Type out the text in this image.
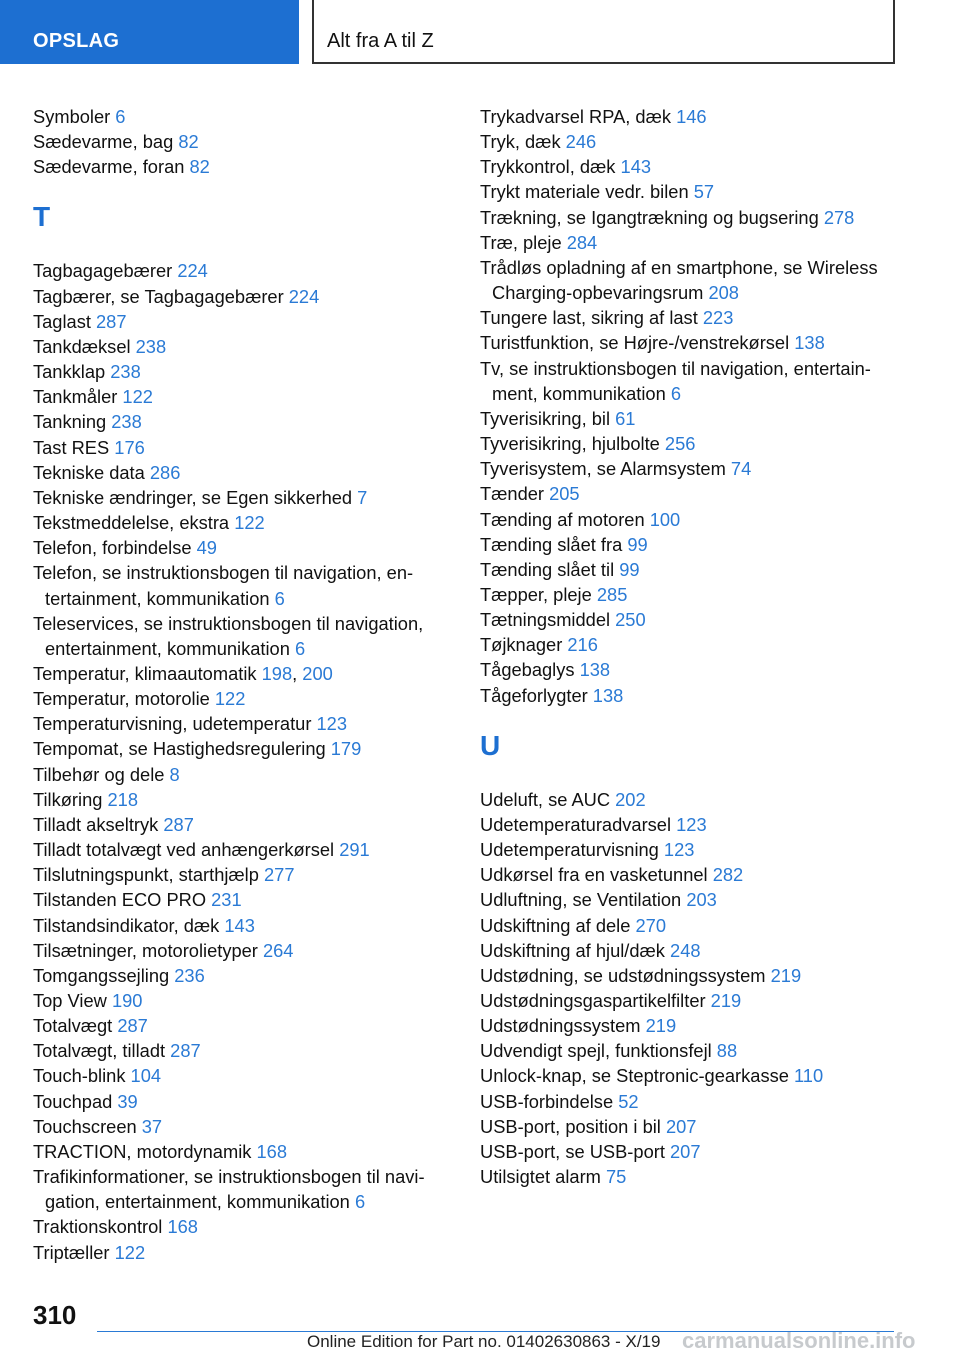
OPSLAG	Alt fra A til Z
Symboler 6
Sædevarme, bag 82
Sædevarme, foran 82
T
Tagbagagebærer 224
Tagbærer, se Tagbagagebærer 224
Taglast 287
Tankdæksel 238
Tankklap 238
Tankmåler 122
Tankning 238
Tast RES 176
Tekniske data 286
Tekniske ændringer, se Egen sikkerhed 7
Tekstmeddelelse, ekstra 122
Telefon, forbindelse 49
Telefon, se instruktionsbogen til navigation, en‐tertainment, kommunikation 6
Teleservices, se instruktionsbogen til navigation, entertainment, kommunikation 6
Temperatur, klimaautomatik 198, 200
Temperatur, motorolie 122
Temperaturvisning, udetemperatur 123
Tempomat, se Hastighedsregulering 179
Tilbehør og dele 8
Tilkøring 218
Tilladt akseltryk 287
Tilladt totalvægt ved anhængerkørsel 291
Tilslutningspunkt, starthjælp 277
Tilstanden ECO PRO 231
Tilstandsindikator, dæk 143
Tilsætninger, motorolietyper 264
Tomgangssejling 236
Top View 190
Totalvægt 287
Totalvægt, tilladt 287
Touch-blink 104
Touchpad 39
Touchscreen 37
TRACTION, motordynamik 168
Trafikinformationer, se instruktionsbogen til navi‐gation, entertainment, kommunikation 6
Traktionskontrol 168
Triptæller 122
Trykadvarsel RPA, dæk 146
Tryk, dæk 246
Trykkontrol, dæk 143
Trykt materiale vedr. bilen 57
Trækning, se Igangtrækning og bugsering 278
Træ, pleje 284
Trådløs opladning af en smartphone, se Wireless Charging-opbevaringsrum 208
Tungere last, sikring af last 223
Turistfunktion, se Højre-/venstrekørsel 138
Tv, se instruktionsbogen til navigation, entertain‐ment, kommunikation 6
Tyverisikring, bil 61
Tyverisikring, hjulbolte 256
Tyverisystem, se Alarmsystem 74
Tænder 205
Tænding af motoren 100
Tænding slået fra 99
Tænding slået til 99
Tæpper, pleje 285
Tætningsmiddel 250
Tøjknager 216
Tågebaglys 138
Tågeforlygter 138
U
Udeluft, se AUC 202
Udetemperaturadvarsel 123
Udetemperaturvisning 123
Udkørsel fra en vasketunnel 282
Udluftning, se Ventilation 203
Udskiftning af dele 270
Udskiftning af hjul/dæk 248
Udstødning, se udstødningssystem 219
Udstødningsgaspartikelfilter 219
Udstødningssystem 219
Udvendigt spejl, funktionsfejl 88
Unlock-knap, se Steptronic-gearkasse 110
USB-forbindelse 52
USB-port, position i bil 207
USB-port, se USB-port 207
Utilsigtet alarm 75
310
Online Edition for Part no. 01402630863 - X/19 carmanualsonline.info
